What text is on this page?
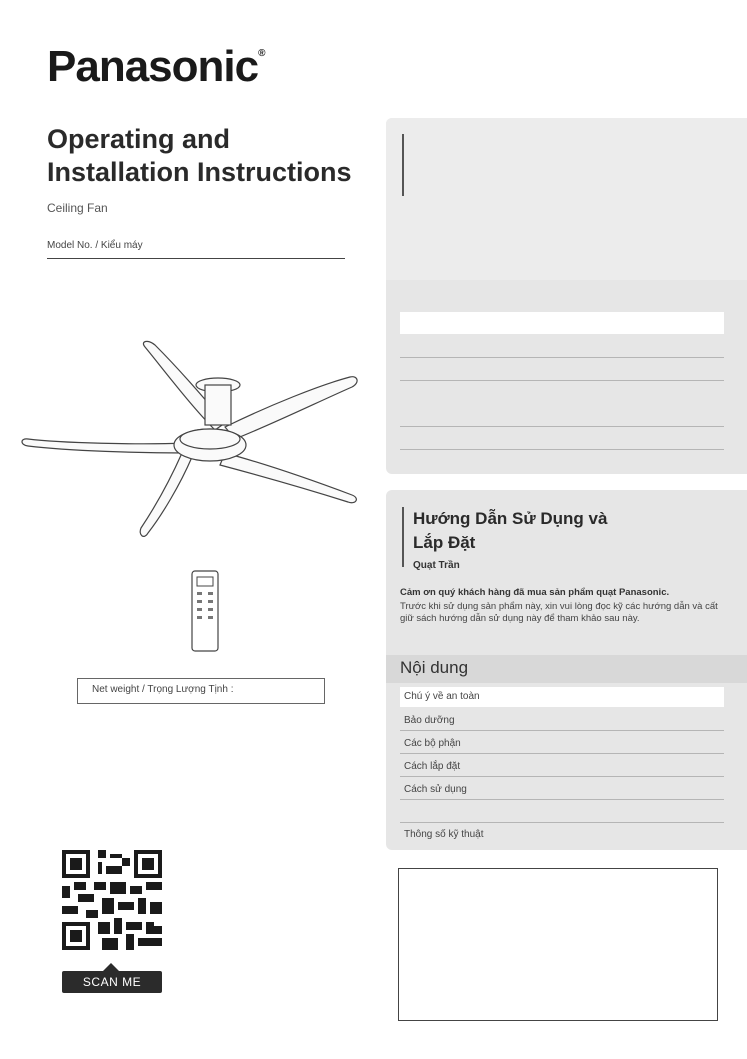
Panasonic®
Operating and
Installation Instructions
Ceiling Fan
Model No. / Kiểu máy
Net weight / Trọng Lượng Tịnh :
SCAN ME
Hướng Dẫn Sử Dụng và
Lắp Đặt
Quạt Trần
Cảm ơn quý khách hàng đã mua sản phẩm quạt Panasonic.
Trước khi sử dụng sản phẩm này, xin vui lòng đọc kỹ các hướng dẫn và cất giữ sách hướng dẫn sử dụng này để tham khảo sau này.
Nội dung
Chú ý về an toàn
Bảo dưỡng
Các bộ phận
Cách lắp đặt
Cách sử dụng
Thông số kỹ thuật
